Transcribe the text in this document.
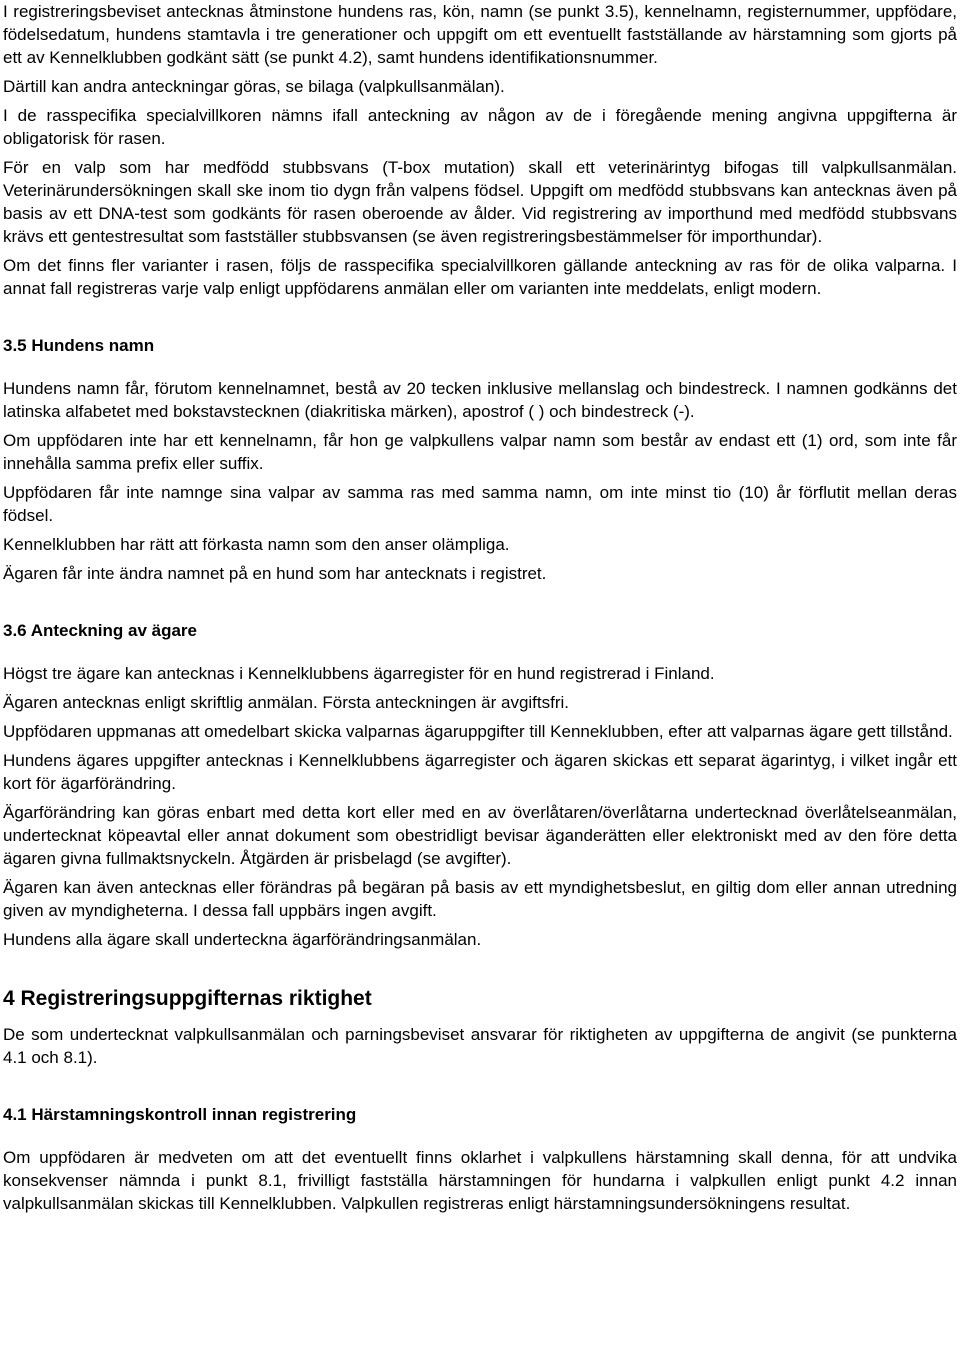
I registreringsbeviset antecknas åtminstone hundens ras, kön, namn (se punkt 3.5), kennelnamn, registernummer, uppfödare, födelsedatum, hundens stamtavla i tre generationer och uppgift om ett eventuellt fastställande av härstamning som gjorts på ett av Kennelklubben godkänt sätt (se punkt 4.2), samt hundens identifikationsnummer.

Därtill kan andra anteckningar göras, se bilaga (valpkullsanmälan).

I de rasspecifika specialvillkoren nämns ifall anteckning av någon av de i föregående mening angivna uppgifterna är obligatorisk för rasen.

För en valp som har medfödd stubbsvans (T-box mutation) skall ett veterinärintyg bifogas till valpkullsanmälan. Veterinärundersökningen skall ske inom tio dygn från valpens födsel. Uppgift om medfödd stubbsvans kan antecknas även på basis av ett DNA-test som godkänts för rasen oberoende av ålder. Vid registrering av importhund med medfödd stubbsvans krävs ett gentestresultat som fastställer stubbsvansen (se även registreringsbestämmelser för importhundar).

Om det finns fler varianter i rasen, följs de rasspecifika specialvillkoren gällande anteckning av ras för de olika valparna. I annat fall registreras varje valp enligt uppfödarens anmälan eller om varianten inte meddelats, enligt modern.

3.5 Hundens namn

Hundens namn får, förutom kennelnamnet, bestå av 20 tecken inklusive mellanslag och bindestreck. I namnen godkänns det latinska alfabetet med bokstavstecknen (diakritiska märken), apostrof ( ) och bindestreck (-).

Om uppfödaren inte har ett kennelnamn, får hon ge valpkullens valpar namn som består av endast ett (1) ord, som inte får innehålla samma prefix eller suffix.

Uppfödaren får inte namnge sina valpar av samma ras med samma namn, om inte minst tio (10) år förflutit mellan deras födsel.

Kennelklubben har rätt att förkasta namn som den anser olämpliga.

Ägaren får inte ändra namnet på en hund som har antecknats i registret.

3.6 Anteckning av ägare

Högst tre ägare kan antecknas i Kennelklubbens ägarregister för en hund registrerad i Finland.

Ägaren antecknas enligt skriftlig anmälan. Första anteckningen är avgiftsfri.

Uppfödaren uppmanas att omedelbart skicka valparnas ägaruppgifter till Kenneklubben, efter att valparnas ägare gett tillstånd.

Hundens ägares uppgifter antecknas i Kennelklubbens ägarregister och ägaren skickas ett separat ägarintyg, i vilket ingår ett kort för ägarförändring.

Ägarförändring kan göras enbart med detta kort eller med en av överlåtaren/överlåtarna undertecknad överlåtelseanmälan, undertecknat köpeavtal eller annat dokument som obestridligt bevisar äganderätten eller elektroniskt med av den före detta ägaren givna fullmaktsnyckeln. Åtgärden är prisbelagd (se avgifter).

Ägaren kan även antecknas eller förändras på begäran på basis av ett myndighetsbeslut, en giltig dom eller annan utredning given av myndigheterna. I dessa fall uppbärs ingen avgift.

Hundens alla ägare skall underteckna ägarförändringsanmälan.

4 Registreringsuppgifternas riktighet

De som undertecknat valpkullsanmälan och parningsbeviset ansvarar för riktigheten av uppgifterna de angivit (se punkterna 4.1 och 8.1).

4.1 Härstamningskontroll innan registrering

Om uppfödaren är medveten om att det eventuellt finns oklarhet i valpkullens härstamning skall denna, för att undvika konsekvenser nämnda i punkt 8.1, frivilligt fastställa härstamningen för hundarna i valpkullen enligt punkt 4.2 innan valpkullsanmälan skickas till Kennelklubben. Valpkullen registreras enligt härstamningsundersökningens resultat.
